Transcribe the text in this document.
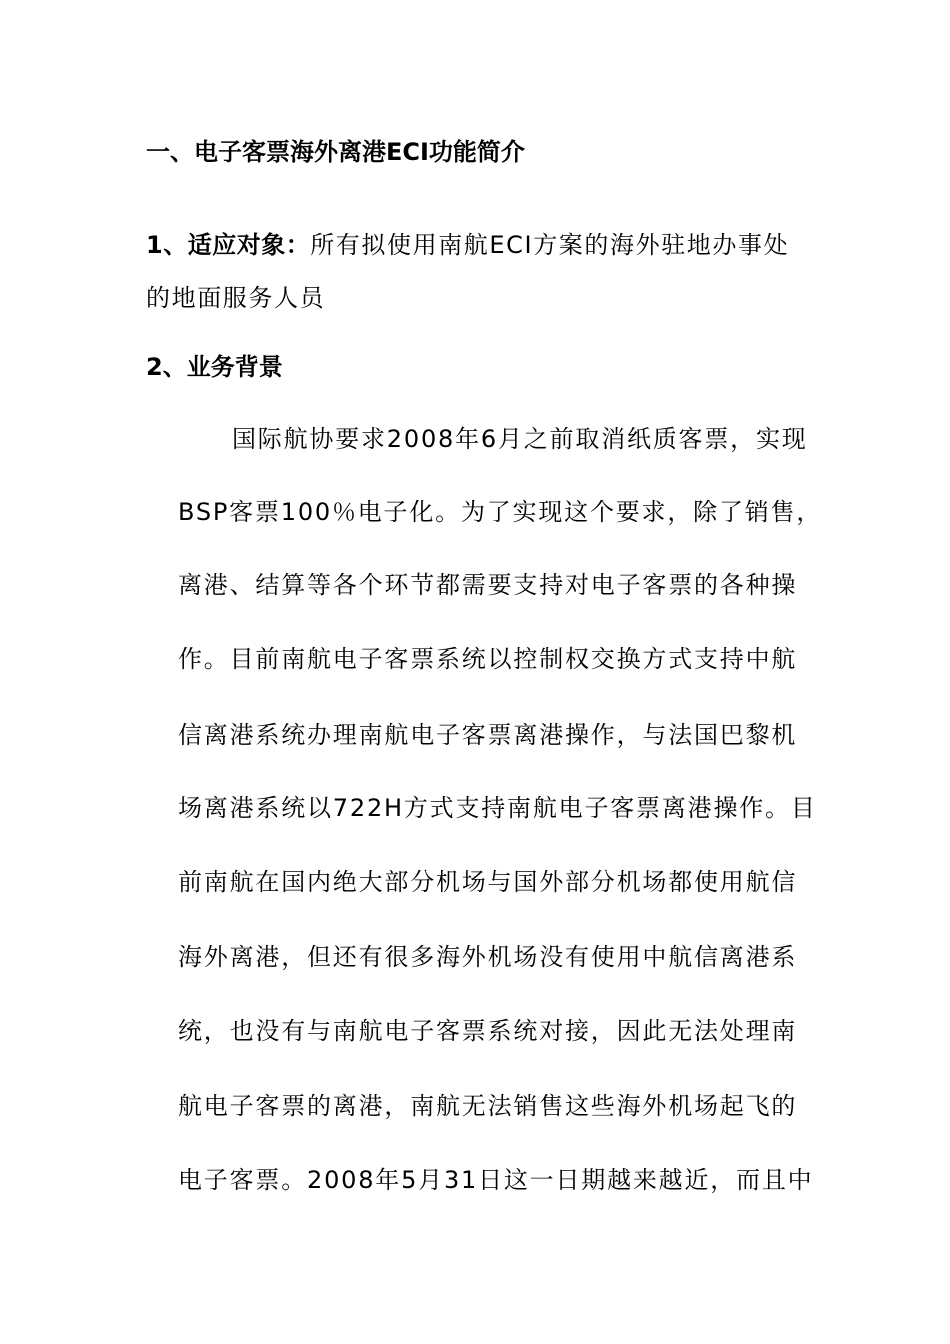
一、电子客票海外离港ECI功能简介

1、适应对象：所有拟使用南航ECI方案的海外驻地办事处

的地面服务人员

2、业务背景

国际航协要求2008年6月之前取消纸质客票，实现

BSP客票100％电子化。为了实现这个要求，除了销售，

离港、结算等各个环节都需要支持对电子客票的各种操

作。目前南航电子客票系统以控制权交换方式支持中航

信离港系统办理南航电子客票离港操作，与法国巴黎机

场离港系统以722H方式支持南航电子客票离港操作。目

前南航在国内绝大部分机场与国外部分机场都使用航信

海外离港，但还有很多海外机场没有使用中航信离港系

统，也没有与南航电子客票系统对接，因此无法处理南

航电子客票的离港，南航无法销售这些海外机场起飞的

电子客票。2008年5月31日这一日期越来越近，而且中
